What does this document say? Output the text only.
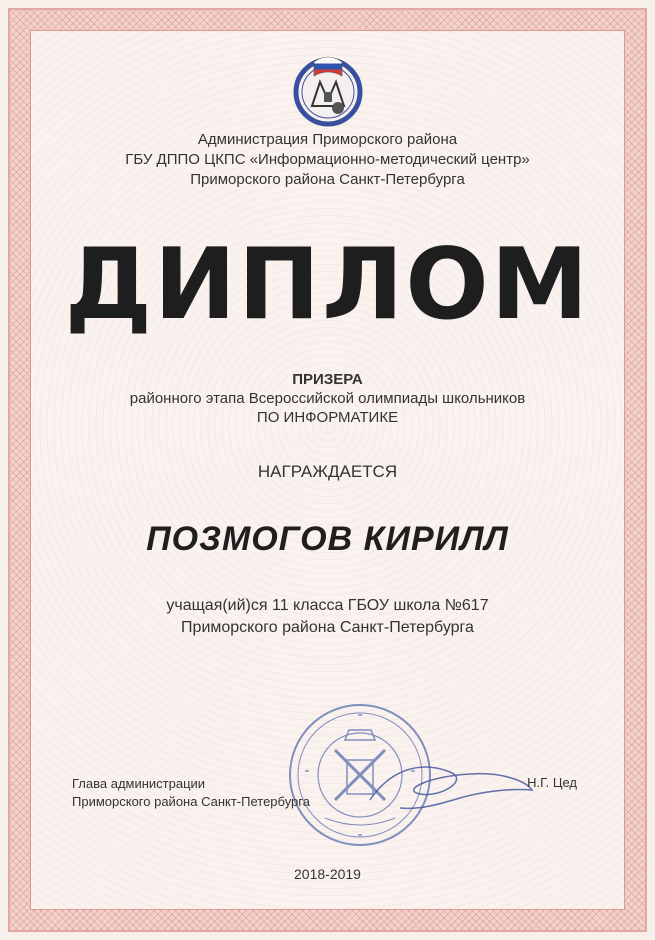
Администрация Приморского района
ГБУ ДППО ЦКПС «Информационно-методический центр»
Приморского района Санкт-Петербурга
ДИПЛОМ
ПРИЗЕРА
районного этапа Всероссийской олимпиады школьников
ПО ИНФОРМАТИКЕ
НАГРАЖДАЕТСЯ
ПОЗМОГОВ КИРИЛЛ
учащая(ий)ся 11 класса ГБОУ школа №617
Приморского района Санкт-Петербурга
Глава администрации
Приморского района Санкт-Петербурга
Н.Г. Цед
2018-2019
